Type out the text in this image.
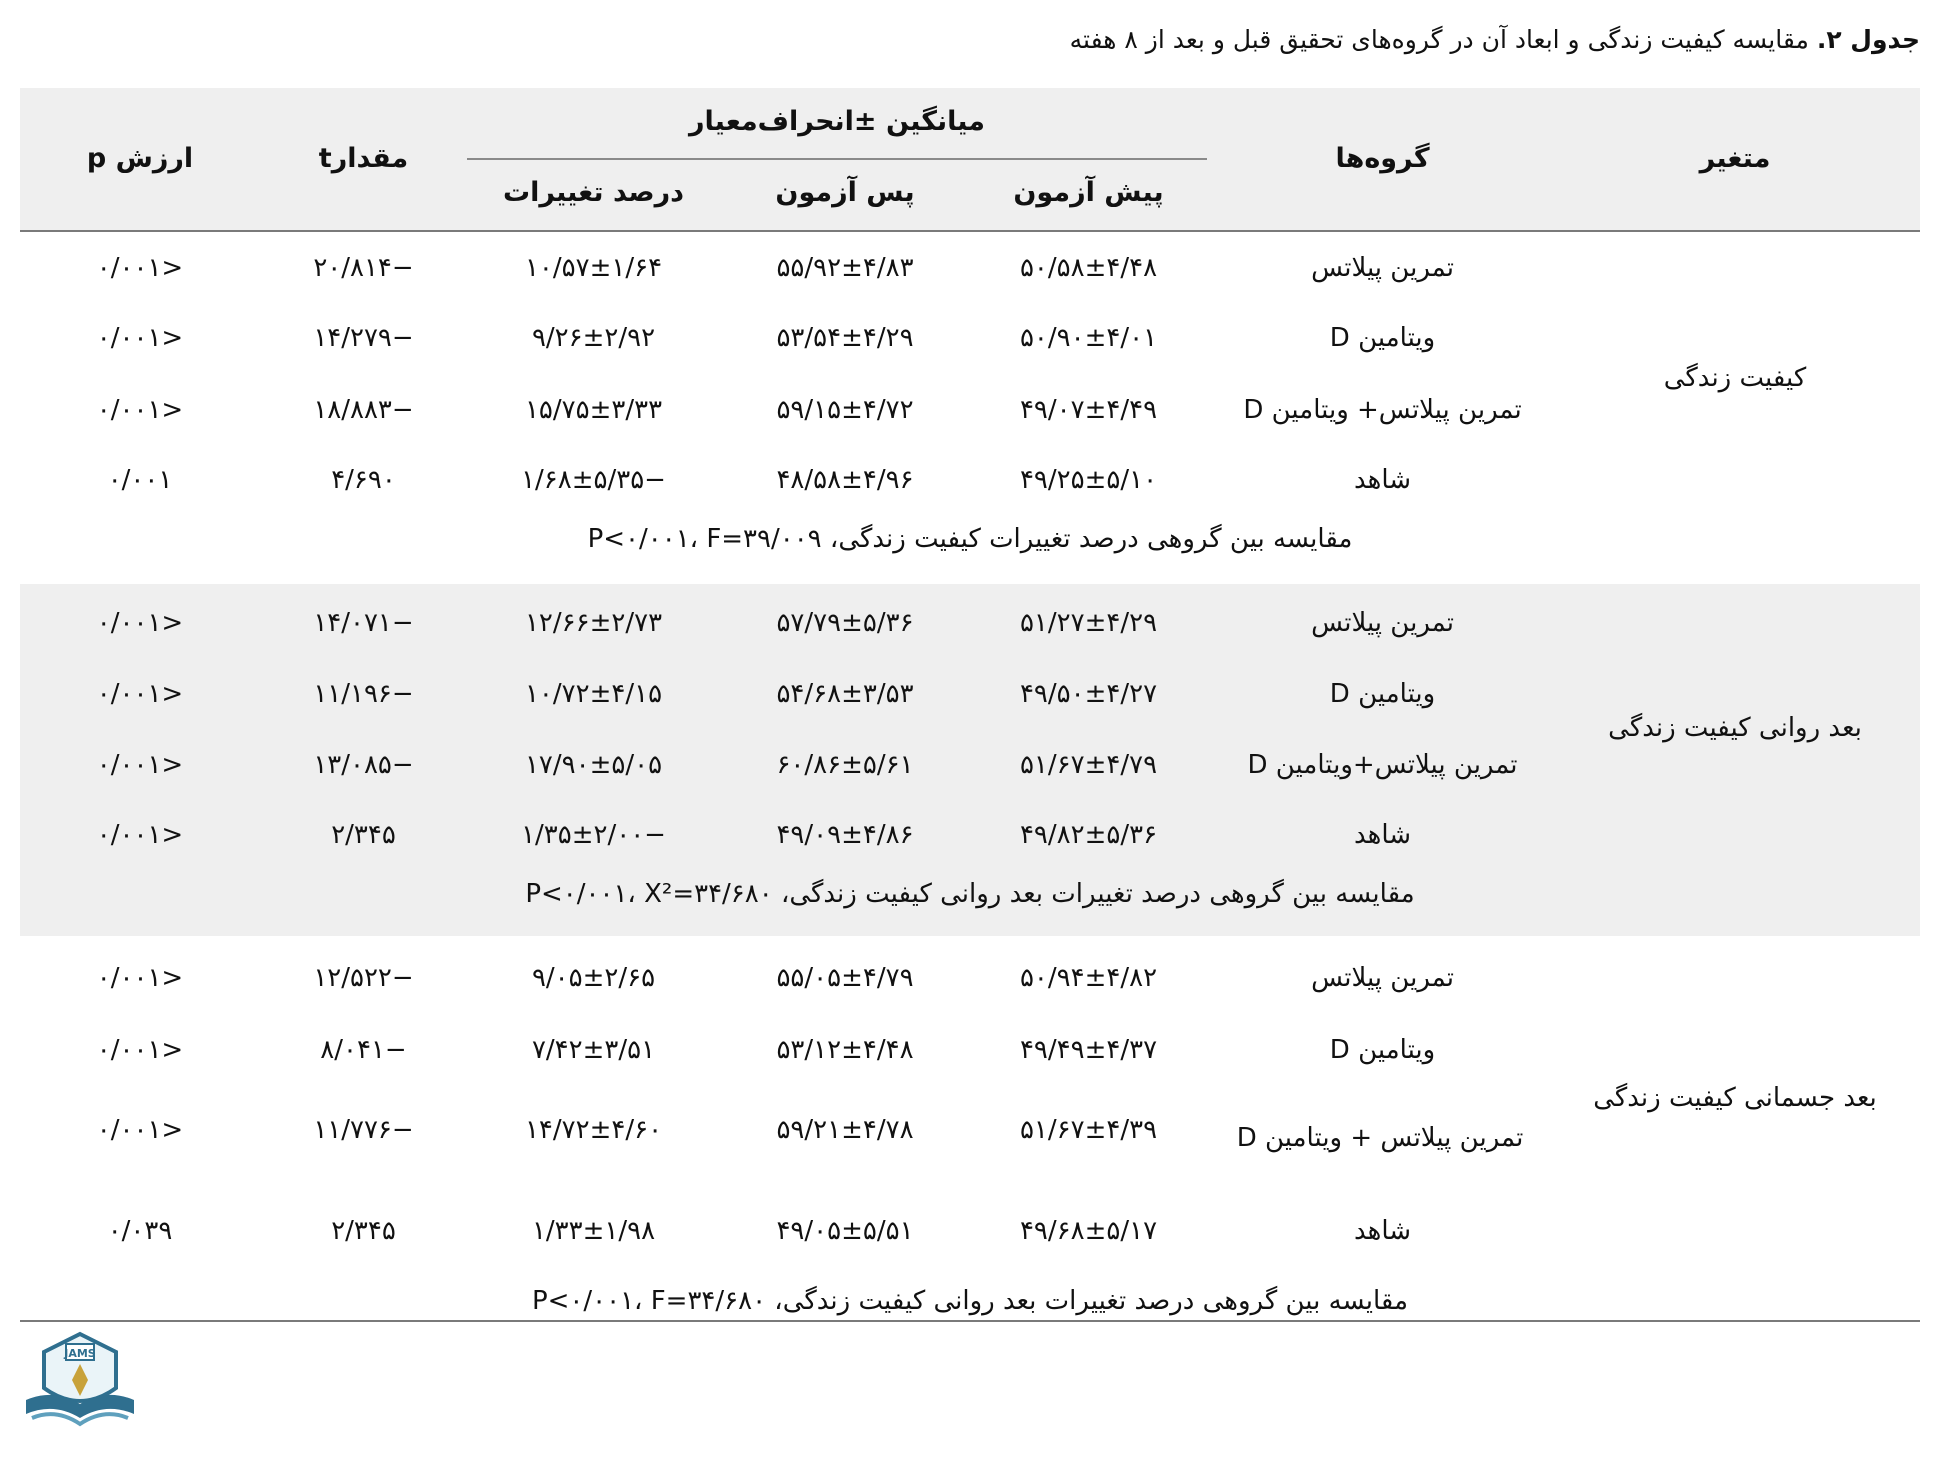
جدول ۲. مقایسه کیفیت زندگی و ابعاد آن در گروه‌های تحقیق قبل و بعد از ۸ هفته
متغیر
گروه‌ها
میانگین ±انحراف‌معیار
پیش آزمون
پس آزمون
درصد تغییرات
مقدارt
ارزش p
کیفیت زندگی
تمرین پیلاتس
۵۰/۵۸±۴/۴۸
۵۵/۹۲±۴/۸۳
۱۰/۵۷±۱/۶۴
−۲۰/۸۱۴
<۰/۰۰۱
ویتامین D
۵۰/۹۰±۴/۰۱
۵۳/۵۴±۴/۲۹
۹/۲۶±۲/۹۲
−۱۴/۲۷۹
<۰/۰۰۱
تمرین پیلاتس+ ویتامین D
۴۹/۰۷±۴/۴۹
۵۹/۱۵±۴/۷۲
۱۵/۷۵±۳/۳۳
−۱۸/۸۸۳
<۰/۰۰۱
شاهد
۴۹/۲۵±۵/۱۰
۴۸/۵۸±۴/۹۶
−۱/۶۸±۵/۳۵
۴/۶۹۰
۰/۰۰۱
مقایسه بین گروهی درصد تغییرات کیفیت زندگی، P<۰/۰۰۱، F=۳۹/۰۰۹
بعد روانی کیفیت زندگی
تمرین پیلاتس
۵۱/۲۷±۴/۲۹
۵۷/۷۹±۵/۳۶
۱۲/۶۶±۲/۷۳
−۱۴/۰۷۱
<۰/۰۰۱
ویتامین D
۴۹/۵۰±۴/۲۷
۵۴/۶۸±۳/۵۳
۱۰/۷۲±۴/۱۵
−۱۱/۱۹۶
<۰/۰۰۱
تمرین پیلاتس+ویتامین D
۵۱/۶۷±۴/۷۹
۶۰/۸۶±۵/۶۱
۱۷/۹۰±۵/۰۵
−۱۳/۰۸۵
<۰/۰۰۱
شاهد
۴۹/۸۲±۵/۳۶
۴۹/۰۹±۴/۸۶
−۱/۳۵±۲/۰۰
۲/۳۴۵
<۰/۰۰۱
مقایسه بین گروهی درصد تغییرات بعد روانی کیفیت زندگی، P<۰/۰۰۱، X²=۳۴/۶۸۰
بعد جسمانی کیفیت زندگی
تمرین پیلاتس
۵۰/۹۴±۴/۸۲
۵۵/۰۵±۴/۷۹
۹/۰۵±۲/۶۵
−۱۲/۵۲۲
<۰/۰۰۱
ویتامین D
۴۹/۴۹±۴/۳۷
۵۳/۱۲±۴/۴۸
۷/۴۲±۳/۵۱
−۸/۰۴۱
<۰/۰۰۱
تمرین پیلاتس + ویتامین D
۵۱/۶۷±۴/۳۹
۵۹/۲۱±۴/۷۸
۱۴/۷۲±۴/۶۰
−۱۱/۷۷۶
<۰/۰۰۱
شاهد
۴۹/۶۸±۵/۱۷
۴۹/۰۵±۵/۵۱
۱/۳۳±۱/۹۸
۲/۳۴۵
۰/۰۳۹
مقایسه بین گروهی درصد تغییرات بعد روانی کیفیت زندگی، P<۰/۰۰۱، F=۳۴/۶۸۰
JAMS
